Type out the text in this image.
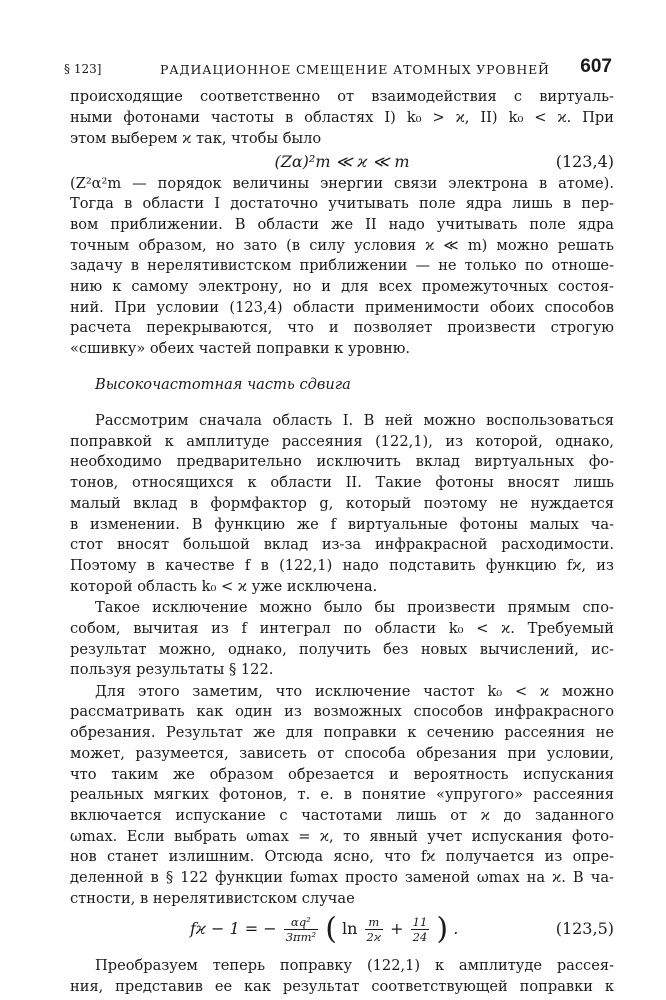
§ 123]	РАДИАЦИОННОЕ СМЕЩЕНИЕ АТОМНЫХ УРОВНЕЙ 607
происходящие соответственно от взаимодействия с виртуаль-
ными фотонами частоты в областях I) k₀ > ϰ, II) k₀ < ϰ. При
этом выберем ϰ так, чтобы было
(Zα)²m ≪ ϰ ≪ m	(123,4)
(Z²α²m — порядок величины энергии связи электрона в атоме).
Тогда в области I достаточно учитывать поле ядра лишь в пер-
вом приближении. В области же II надо учитывать поле ядра
точным образом, но зато (в силу условия ϰ ≪ m) можно решать
задачу в нерелятивистском приближении — не только по отноше-
нию к самому электрону, но и для всех промежуточных состоя-
ний. При условии (123,4) области применимости обоих способов
расчета перекрываются, что и позволяет произвести строгую
«сшивку» обеих частей поправки к уровню.
Высокочастотная часть сдвига
Рассмотрим сначала область I. В ней можно воспользоваться
поправкой к амплитуде рассеяния (122,1), из которой, однако,
необходимо предварительно исключить вклад виртуальных фо-
тонов, относящихся к области II. Такие фотоны вносят лишь
малый вклад в формфактор g, который поэтому не нуждается
в изменении. В функцию же f виртуальные фотоны малых ча-
стот вносят большой вклад из-за инфракрасной расходимости.
Поэтому в качестве f в (122,1) надо подставить функцию fϰ, из
которой область k₀ < ϰ уже исключена.
Такое исключение можно было бы произвести прямым спо-
собом, вычитая из f интеграл по области k₀ < ϰ. Требуемый
результат можно, однако, получить без новых вычислений, ис-
пользуя результаты § 122.
Для этого заметим, что исключение частот k₀ < ϰ можно
рассматривать как один из возможных способов инфракрасного
обрезания. Результат же для поправки к сечению рассеяния не
может, разумеется, зависеть от способа обрезания при условии,
что таким же образом обрезается и вероятность испускания
реальных мягких фотонов, т. е. в понятие «упругого» рассеяния
включается испускание с частотами лишь от ϰ до заданного
ωmax. Если выбрать ωmax = ϰ, то явный учет испускания фото-
нов станет излишним. Отсюда ясно, что fϰ получается из опре-
деленной в § 122 функции fωmax просто заменой ωmax на ϰ. В ча-
стности, в нерелятивистском случае
fϰ − 1 = − $\frac{\text{αq²}}{\text{3πm²}}$ ( $\ln \frac{m}{2ϰ} + \frac{11}{24}$ ) .	(123,5)
Преобразуем теперь поправку (122,1) к амплитуде рассея-
ния, представив ее как результат соответствующей поправки к
